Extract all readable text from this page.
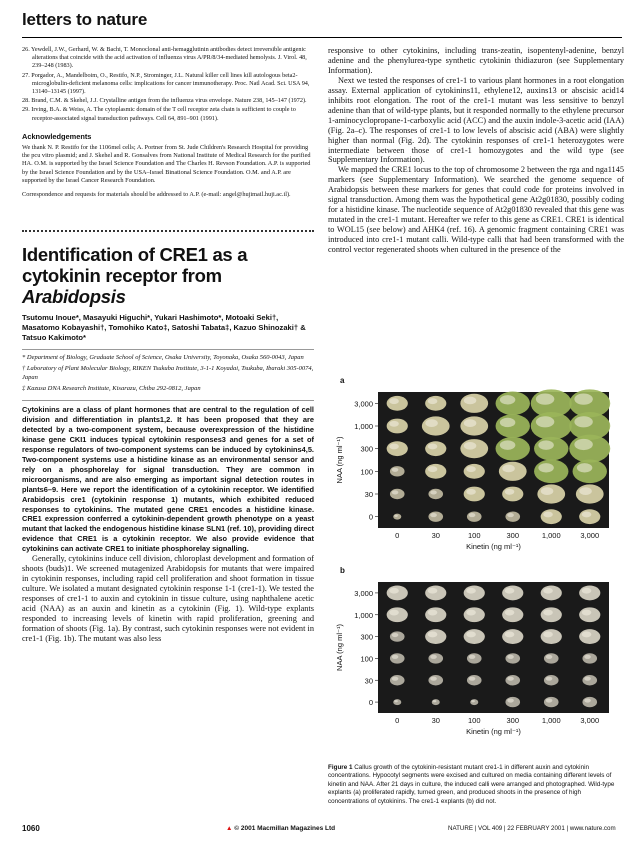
letters to nature
26. Yewdell, J.W., Gerhard, W. & Bachi, T. Monoclonal anti-hemagglutinin antibodies detect irreversible antigenic alterations that coincide with the acid activation of influenza virus A/PR/8/34-mediated hemolysis. J. Virol. 48, 239–248 (1983).
27. Porgador, A., Mandelboim, O., Restifo, N.P., Strominger, J.L. Natural killer cell lines kill autologous beta2-microglobulin-deficient melanoma cells: implications for cancer immunotherapy. Proc. Natl Acad. Sci. USA 94, 13140–13145 (1997).
28. Brand, C.M. & Skehel, J.J. Crystalline antigen from the influenza virus envelope. Nature 238, 145–147 (1972).
29. Irving, B.A. & Weiss, A. The cytoplasmic domain of the T cell receptor zeta chain is sufficient to couple to receptor-associated signal transduction pathways. Cell 64, 891–901 (1991).

Acknowledgements

We thank N. P. Restifo for the 1106mel cells; A. Portner from St. Jude Children's Research Hospital for providing the pcu vitro plasmid; and J. Skehel and R. Gonsalves from National Institute of Medical Research for the purified HA. O.M. is supported by the Israel Science Foundation and The Charles H. Revson Foundation. A.P. is supported by the Israel Science Foundation and by the USA–Israel Binational Science Foundation. O.M. and A.P. are supported by the Israel Cancer Research Foundation.

Correspondence and requests for materials should be addressed to A.P. (e-mail: angel@hujimail.huji.ac.il).

Identification of CRE1 as a cytokinin receptor from Arabidopsis

Tsutomu Inoue*, Masayuki Higuchi*, Yukari Hashimoto*, Motoaki Seki†, Masatomo Kobayashi†, Tomohiko Kato‡, Satoshi Tabata‡, Kazuo Shinozaki† & Tatsuo Kakimoto*

* Department of Biology, Graduate School of Science, Osaka University, Toyonaka, Osaka 560-0043, Japan

† Laboratory of Plant Molecular Biology, RIKEN Tsukuba Institute, 3-1-1 Koyadai, Tsukuba, Ibaraki 305-0074, Japan

‡ Kazusa DNA Research Institute, Kisarazu, Chiba 292-0812, Japan

Cytokinins are a class of plant hormones that are central to the regulation of cell division and differentiation in plants1,2. It has been proposed that they are detected by a two-component system, because overexpression of the histidine kinase gene CKI1 induces typical cytokinin responses3 and genes for a set of response regulators of two-component systems can be induced by cytokinins4,5. Two-component systems use a histidine kinase as an environmental sensor and rely on a phosphorelay for signal transduction. They are common in microorganisms, and are also emerging as important signal detection routes in plants6–9. Here we report the identification of a cytokinin receptor. We identified Arabidopsis cre1 (cytokinin response 1) mutants, which exhibited reduced responses to cytokinins. The mutated gene CRE1 encodes a histidine kinase. CRE1 expression conferred a cytokinin-dependent growth phenotype on a yeast mutant that lacked the endogenous histidine kinase SLN1 (ref. 10), providing direct evidence that CRE1 is a cytokinin receptor. We also provide evidence that cytokinins can activate CRE1 to initiate phosphorelay signalling.

Generally, cytokinins induce cell division, chloroplast development and formation of shoots (buds)1. We screened mutagenized Arabidopsis for mutants that were impaired in cytokinin responses, including rapid cell proliferation and shoot formation in tissue culture. We isolated a mutant designated cytokinin response 1-1 (cre1-1). We tested the responses of cre1-1 to auxin and cytokinin in tissue culture, using naphthalene acetic acid (NAA) as an auxin and kinetin as a cytokinin (Fig. 1). Wild-type explants responded to increasing levels of kinetin with rapid proliferation, greening and formation of shoots (Fig. 1a). By contrast, such cytokinin responses were not evident in cre1-1 (Fig. 1b). The mutant was also less

responsive to other cytokinins, including trans-zeatin, isopentenyl-adenine, benzyl adenine and the phenylurea-type synthetic cytokinin thidiazuron (see Supplementary Information).

Next we tested the responses of cre1-1 to various plant hormones in a root elongation assay. External application of cytokinins11, ethylene12, auxins13 or abscisic acid14 inhibits root elongation. The root of the cre1-1 mutant was less sensitive to benzyl adenine than that of wild-type plants, but it responded normally to the ethylene precursor 1-aminocyclopropane-1-carboxylic acid (ACC) and the auxin indole-3-acetic acid (IAA) (Fig. 2a–c). The responses of cre1-1 to low levels of abscisic acid (ABA) were slightly higher than normal (Fig. 2d). The cytokinin responses of cre1-1 heterozygotes were intermediate between those of cre1-1 homozygotes and the wild type (see Supplementary Information).

We mapped the CRE1 locus to the top of chromosome 2 between the rga and nga1145 markers (see Supplementary Information). We searched the genome sequence of Arabidopsis between these markers for genes that could code for proteins involved in signal transduction. Among them was the hypothetical gene At2g01830, possibly coding for a histidine kinase. The nucleotide sequence of At2g01830 revealed that this gene was mutated in the cre1-1 mutant. Hereafter we refer to this gene as CRE1. CRE1 is identical to WOL15 (see below) and AHK4 (ref. 16). A genomic fragment containing CRE1 was introduced into cre1-1 mutant calli. Wild-type calli that had been transformed with the control vector regenerated shoots when cultured in the presence of the

a
3,000
1,000
300
100
30
0
0	30	100	300	1,000	3,000
NAA (ng ml⁻¹)
Kinetin (ng ml⁻¹)
b
3,000
1,000
300
100
30
0
0	30	100	300	1,000	3,000
NAA (ng ml⁻¹)
Kinetin (ng ml⁻¹)

Figure 1 Callus growth of the cytokinin-resistant mutant cre1-1 in different auxin and cytokinin concentrations. Hypocotyl segments were excised and cultured on media containing different levels of kinetin and NAA. After 21 days in culture, the induced calli were arranged and photographed. Wild-type explants (a) proliferated rapidly, turned green, and produced shoots in the presence of high concentrations of cytokinins. The cre1-1 explants (b) did not.

1060	▲ © 2001 Macmillan Magazines Ltd	NATURE | VOL 409 | 22 FEBRUARY 2001 | www.nature.com
